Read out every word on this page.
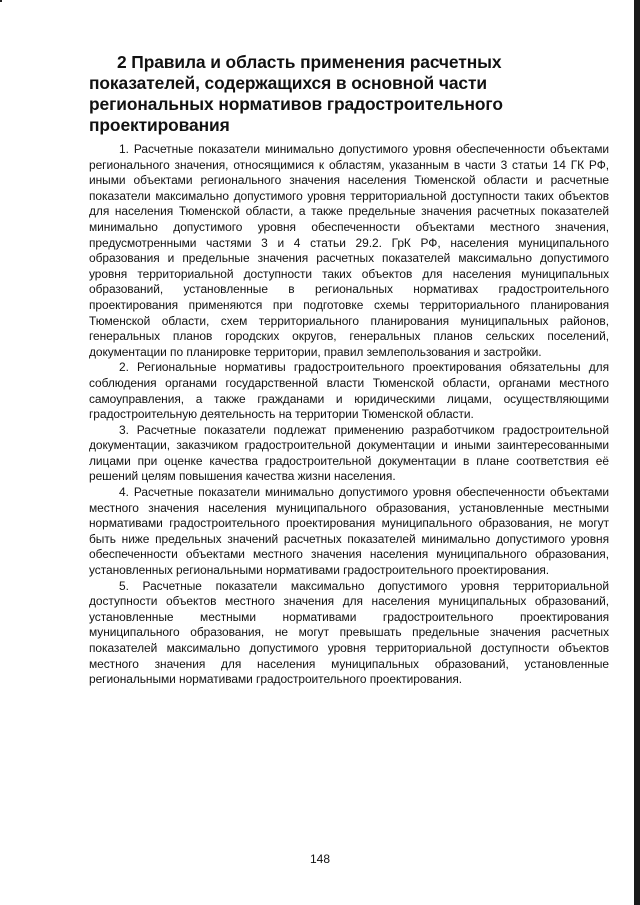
2 Правила и область применения расчетных показателей, содержащихся в основной части региональных нормативов градостроительного проектирования

1. Расчетные показатели минимально допустимого уровня обеспеченности объектами регионального значения, относящимися к областям, указанным в части 3 статьи 14 ГК РФ, иными объектами регионального значения населения Тюменской области и расчетные показатели максимально допустимого уровня территориальной доступности таких объектов для населения Тюменской области, а также предельные значения расчетных показателей минимально допустимого уровня обеспеченности объектами местного значения, предусмотренными частями 3 и 4 статьи 29.2. ГрК РФ, населения муниципального образования и предельные значения расчетных показателей максимально допустимого уровня территориальной доступности таких объектов для населения муниципальных образований, установленные в региональных нормативах градостроительного проектирования применяются при подготовке схемы территориального планирования Тюменской области, схем территориального планирования муниципальных районов, генеральных планов городских округов, генеральных планов сельских поселений, документации по планировке территории, правил землепользования и застройки.

2. Региональные нормативы градостроительного проектирования обязательны для соблюдения органами государственной власти Тюменской области, органами местного самоуправления, а также гражданами и юридическими лицами, осуществляющими градостроительную деятельность на территории Тюменской области.

3. Расчетные показатели подлежат применению разработчиком градостроительной документации, заказчиком градостроительной документации и иными заинтересованными лицами при оценке качества градостроительной документации в плане соответствия её решений целям повышения качества жизни населения.

4. Расчетные показатели минимально допустимого уровня обеспеченности объектами местного значения населения муниципального образования, установленные местными нормативами градостроительного проектирования муниципального образования, не могут быть ниже предельных значений расчетных показателей минимально допустимого уровня обеспеченности объектами местного значения населения муниципального образования, установленных региональными нормативами градостроительного проектирования.

5. Расчетные показатели максимально допустимого уровня территориальной доступности объектов местного значения для населения муниципальных образований, установленные местными нормативами градостроительного проектирования муниципального образования, не могут превышать предельные значения расчетных показателей максимально допустимого уровня территориальной доступности объектов местного значения для населения муниципальных образований, установленные региональными нормативами градостроительного проектирования.

148
